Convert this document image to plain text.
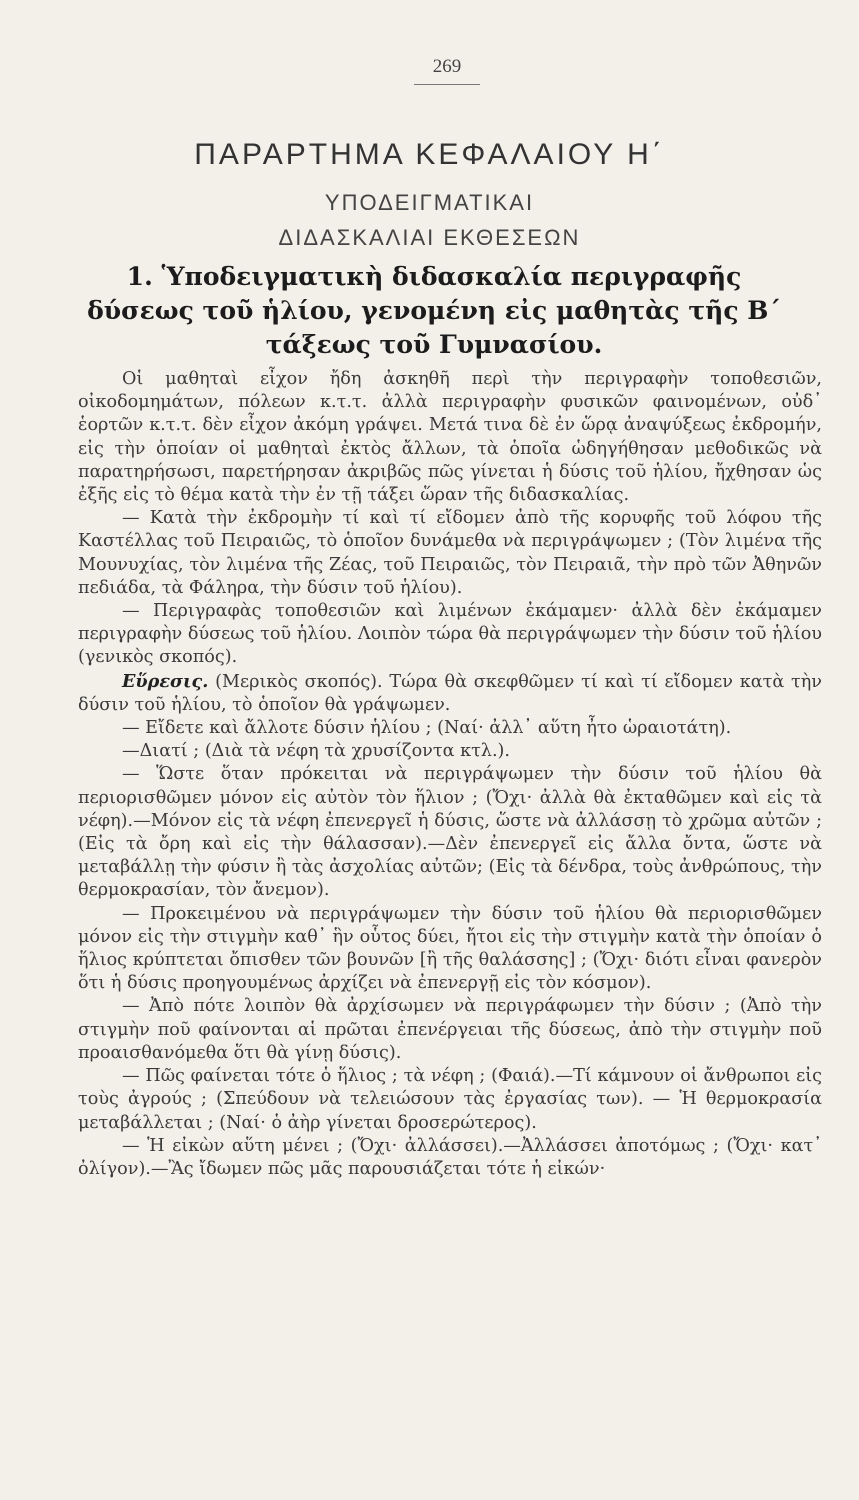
269
ΠΑΡΑΡΤΗΜΑ ΚΕΦΑΛΑΙΟΥ Η΄
ΥΠΟΔΕΙΓΜΑΤΙΚΑΙ
ΔΙΔΑΣΚΑΛΙΑΙ ΕΚΘΕΣΕΩΝ
1. Ὑποδειγματικὴ διδασκαλία περιγραφῆς δύσεως τοῦ ἡλίου, γενομένη εἰς μαθητὰς τῆς Β΄ τάξεως τοῦ Γυμνασίου.

Οἱ μαθηταὶ εἶχον ἤδη ἀσκηθῆ περὶ τὴν περιγραφὴν τοποθεσιῶν, οἰκοδομημάτων, πόλεων κ.τ.τ. ἀλλὰ περιγραφὴν φυσικῶν φαινομένων, οὐδ᾽ ἑορτῶν κ.τ.τ. δὲν εἶχον ἀκόμη γράψει. Μετά τινα δὲ ἐν ὥρᾳ ἀναψύξεως ἐκδρομήν, εἰς τὴν ὁποίαν οἱ μαθηταὶ ἐκτὸς ἄλλων, τὰ ὁποῖα ὡδηγήθησαν μεθοδικῶς νὰ παρατηρήσωσι, παρετήρησαν ἀκριβῶς πῶς γίνεται ἡ δύσις τοῦ ἡλίου, ἤχθησαν ὡς ἐξῆς εἰς τὸ θέμα κατὰ τὴν ἐν τῇ τάξει ὥραν τῆς διδασκαλίας.

— Κατὰ τὴν ἐκδρομὴν τί καὶ τί εἴδομεν ἀπὸ τῆς κορυφῆς τοῦ λόφου τῆς Καστέλλας τοῦ Πειραιῶς, τὸ ὁποῖον δυνάμεθα νὰ περιγράψωμεν ; (Τὸν λιμένα τῆς Μουνυχίας, τὸν λιμένα τῆς Ζέας, τοῦ Πειραιῶς, τὸν Πειραιᾶ, τὴν πρὸ τῶν Ἀθηνῶν πεδιάδα, τὰ Φάληρα, τὴν δύσιν τοῦ ἡλίου).

— Περιγραφὰς τοποθεσιῶν καὶ λιμένων ἐκάμαμεν· ἀλλὰ δὲν ἐκάμαμεν περιγραφὴν δύσεως τοῦ ἡλίου. Λοιπὸν τώρα θὰ περιγράψωμεν τὴν δύσιν τοῦ ἡλίου (γενικὸς σκοπός).

Εὕρεσις. (Μερικὸς σκοπός). Τώρα θὰ σκεφθῶμεν τί καὶ τί εἴδομεν κατὰ τὴν δύσιν τοῦ ἡλίου, τὸ ὁποῖον θὰ γράψωμεν.

— Εἴδετε καὶ ἄλλοτε δύσιν ἡλίου ; (Ναί· ἀλλ᾽ αὕτη ἦτο ὡραιοτάτη).

—Διατί ; (Διὰ τὰ νέφη τὰ χρυσίζοντα κτλ.).

— Ὥστε ὅταν πρόκειται νὰ περιγράψωμεν τὴν δύσιν τοῦ ἡλίου θὰ περιορισθῶμεν μόνον εἰς αὐτὸν τὸν ἥλιον ; (Ὄχι· ἀλλὰ θὰ ἐκταθῶμεν καὶ εἰς τὰ νέφη).—Μόνον εἰς τὰ νέφη ἐπενεργεῖ ἡ δύσις, ὥστε νὰ ἀλλάσσῃ τὸ χρῶμα αὐτῶν ; (Εἰς τὰ ὄρη καὶ εἰς τὴν θάλασσαν).—Δὲν ἐπενεργεῖ εἰς ἄλλα ὄντα, ὥστε νὰ μεταβάλλῃ τὴν φύσιν ἢ τὰς ἀσχολίας αὐτῶν; (Εἰς τὰ δένδρα, τοὺς ἀνθρώπους, τὴν θερμοκρασίαν, τὸν ἄνεμον).

— Προκειμένου νὰ περιγράψωμεν τὴν δύσιν τοῦ ἡλίου θὰ περιορισθῶμεν μόνον εἰς τὴν στιγμὴν καθ᾽ ἣν οὗτος δύει, ἤτοι εἰς τὴν στιγμὴν κατὰ τὴν ὁποίαν ὁ ἥλιος κρύπτεται ὄπισθεν τῶν βουνῶν [ἢ τῆς θαλάσσης] ; (Ὄχι· διότι εἶναι φανερὸν ὅτι ἡ δύσις προηγουμένως ἀρχίζει νὰ ἐπενεργῇ εἰς τὸν κόσμον).

— Ἀπὸ πότε λοιπὸν θὰ ἀρχίσωμεν νὰ περιγράφωμεν τὴν δύσιν ; (Ἀπὸ τὴν στιγμὴν ποῦ φαίνονται αἱ πρῶται ἐπενέργειαι τῆς δύσεως, ἀπὸ τὴν στιγμὴν ποῦ προαισθανόμεθα ὅτι θὰ γίνῃ δύσις).

— Πῶς φαίνεται τότε ὁ ἥλιος ; τὰ νέφη ; (Φαιά).—Τί κάμνουν οἱ ἄνθρωποι εἰς τοὺς ἀγρούς ; (Σπεύδουν νὰ τελειώσουν τὰς ἐργασίας των). — Ἡ θερμοκρασία μεταβάλλεται ; (Ναί· ὁ ἀὴρ γίνεται δροσερώτερος).

— Ἡ εἰκὼν αὕτη μένει ; (Ὄχι· ἀλλάσσει).—Ἀλλάσσει ἀποτόμως ; (Ὄχι· κατ᾽ ὀλίγον).—Ἂς ἴδωμεν πῶς μᾶς παρουσιάζεται τότε ἡ εἰκών·
